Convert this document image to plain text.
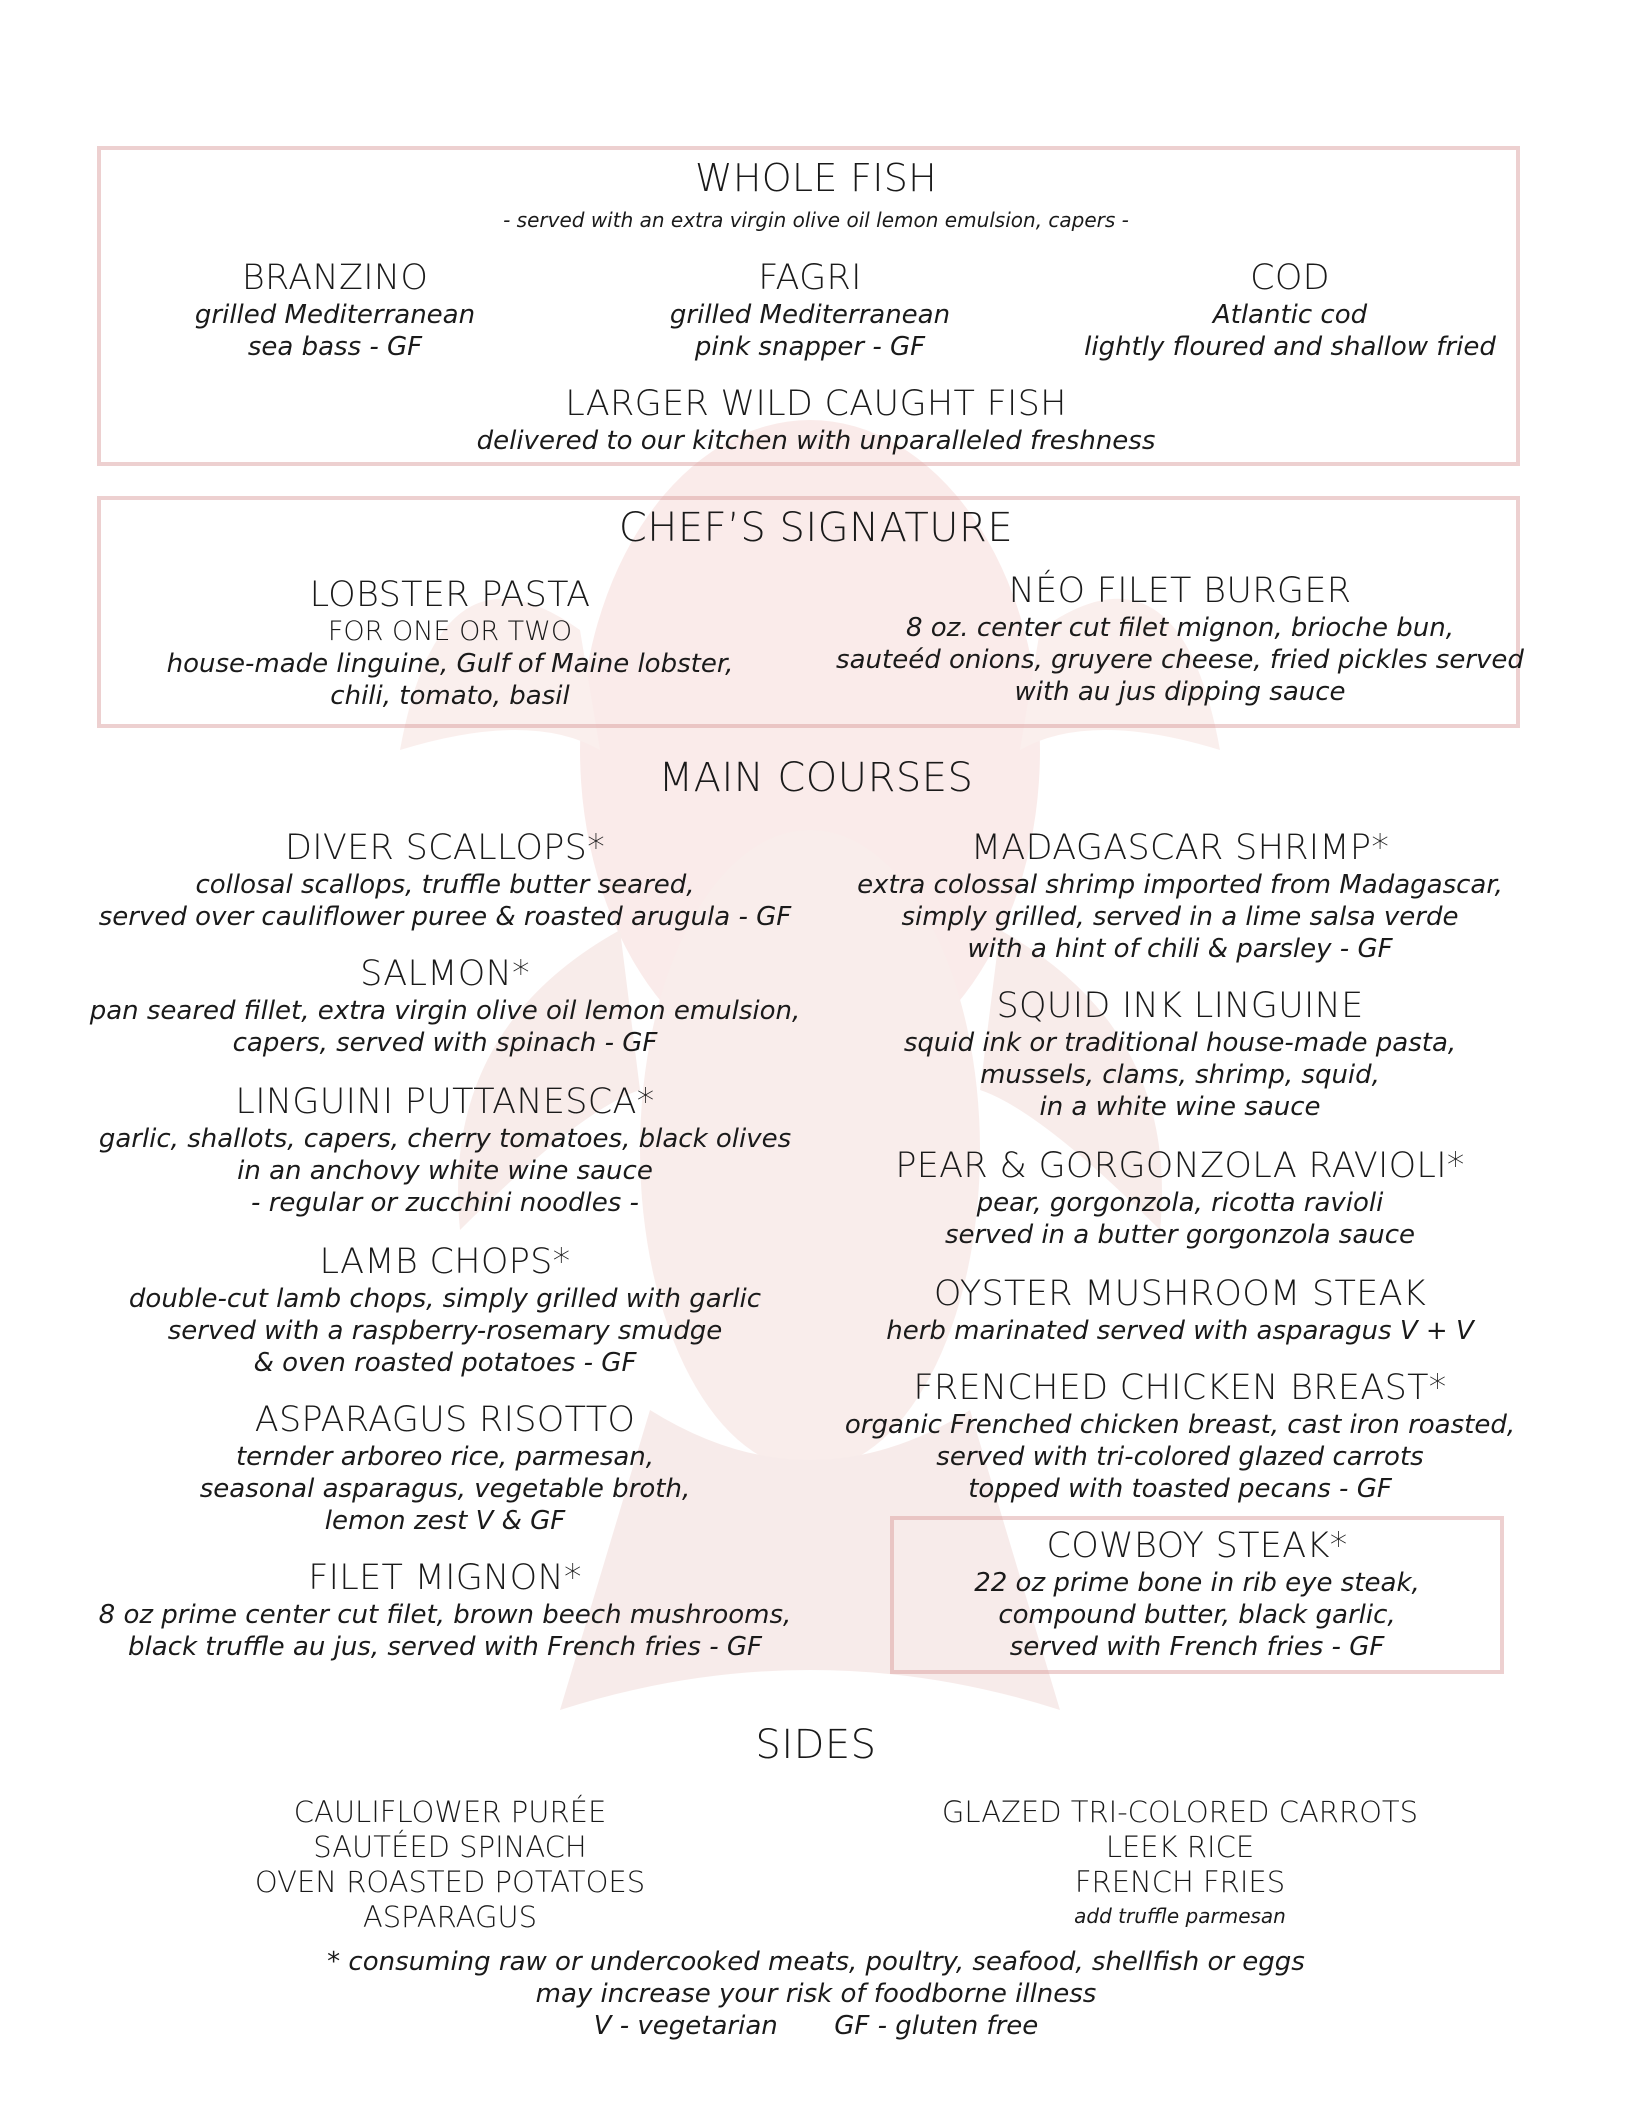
WHOLE FISH
- served with an extra virgin olive oil lemon emulsion, capers -
BRANZINO
grilled Mediterranean
sea bass - GF
FAGRI
grilled Mediterranean
pink snapper - GF
COD
Atlantic cod
lightly floured and shallow fried
LARGER WILD CAUGHT FISH
delivered to our kitchen with unparalleled freshness
CHEF’S SIGNATURE
LOBSTER PASTA
FOR ONE OR TWO
house-made linguine, Gulf of Maine lobster,
chili, tomato, basil
NÉO FILET BURGER
8 oz. center cut filet mignon, brioche bun,
sauteéd onions, gruyere cheese, fried pickles served
with au jus dipping sauce
MAIN COURSES
DIVER SCALLOPS*
collosal scallops, truffle butter seared,
served over cauliflower puree & roasted arugula - GF
SALMON*
pan seared fillet, extra virgin olive oil lemon emulsion,
capers, served with spinach - GF
LINGUINI PUTTANESCA*
garlic, shallots, capers, cherry tomatoes, black olives
in an anchovy white wine sauce
- regular or zucchini noodles -
LAMB CHOPS*
double-cut lamb chops, simply grilled with garlic
served with a raspberry-rosemary smudge
& oven roasted potatoes - GF
ASPARAGUS RISOTTO
ternder arboreo rice, parmesan,
seasonal asparagus, vegetable broth,
lemon zest V & GF
FILET MIGNON*
8 oz prime center cut filet, brown beech mushrooms,
black truffle au jus, served with French fries - GF
MADAGASCAR SHRIMP*
extra colossal shrimp imported from Madagascar,
simply grilled, served in a lime salsa verde
with a hint of chili & parsley - GF
SQUID INK LINGUINE
squid ink or traditional house-made pasta,
mussels, clams, shrimp, squid,
in a white wine sauce
PEAR & GORGONZOLA RAVIOLI*
pear, gorgonzola, ricotta ravioli
served in a butter gorgonzola sauce
OYSTER MUSHROOM STEAK
herb marinated served with asparagus V + V
FRENCHED CHICKEN BREAST*
organic Frenched chicken breast, cast iron roasted,
served with tri-colored glazed carrots
topped with toasted pecans - GF
COWBOY STEAK*
22 oz prime bone in rib eye steak,
compound butter, black garlic,
served with French fries - GF
SIDES
CAULIFLOWER PURÉE
SAUTÉED SPINACH
OVEN ROASTED POTATOES
ASPARAGUS
GLAZED TRI-COLORED CARROTS
LEEK RICE
FRENCH FRIES
add truffle parmesan
* consuming raw or undercooked meats, poultry, seafood, shellfish or eggs
may increase your risk of foodborne illness
V - vegetarian GF - gluten free
